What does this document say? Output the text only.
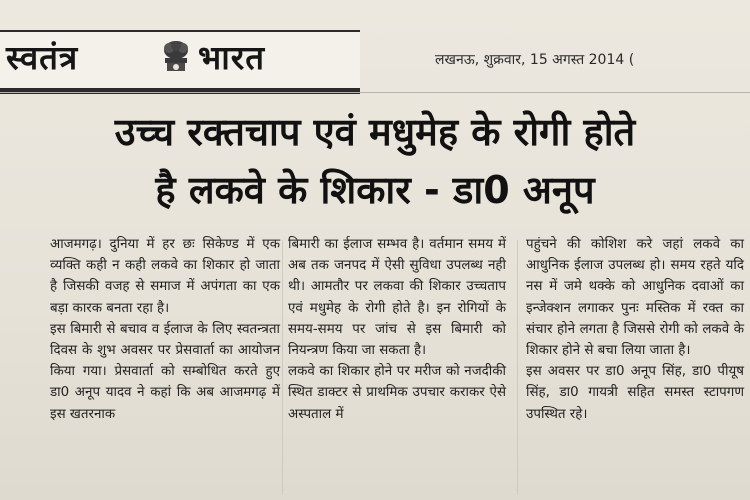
स्वतंत्र	भारत	लखनऊ, शुक्रवार, 15 अगस्त 2014 (
उच्च रक्तचाप एवं मधुमेह के रोगी होते
है लकवे के शिकार - डा0 अनूप

आजमगढ़। दुनिया में हर छः सिकेण्ड में एक व्यक्ति कही न कही लकवे का शिकार हो जाता है जिसकी वजह से समाज में अपंगता का एक बड़ा कारक बनता रहा है।

इस बिमारी से बचाव व ईलाज के लिए स्वतन्त्रता दिवस के शुभ अवसर पर प्रेसवार्ता का आयोजन किया गया। प्रेसवार्ता को सम्बोधित करते हुए डा0 अनूप यादव ने कहां कि अब आजमगढ़ में इस खतरनाक

बिमारी का ईलाज सम्भव है। वर्तमान समय में अब तक जनपद में ऐसी सुविधा उपलब्ध नही थी। आमतौर पर लकवा की शिकार उच्चताप एवं मधुमेह के रोगी होते है। इन रोगियों के समय-समय पर जांच से इस बिमारी को नियन्त्रण किया जा सकता है।

लकवे का शिकार होने पर मरीज को नजदीकी स्थित डाक्टर से प्राथमिक उपचार कराकर ऐसे अस्पताल में

पहुंचने की कोशिश करे जहां लकवे का आधुनिक ईलाज उपलब्ध हो। समय रहते यदि नस में जमे थक्के को आधुनिक दवाओं का इन्जेक्शन लगाकर पुनः मस्तिक में रक्त का संचार होने लगता है जिससे रोगी को लकवे के शिकार होने से बचा लिया जाता है।

इस अवसर पर डा0 अनूप सिंह, डा0 पीयूष सिंह, डा0 गायत्री सहित समस्त स्टापगण उपस्थित रहे।
